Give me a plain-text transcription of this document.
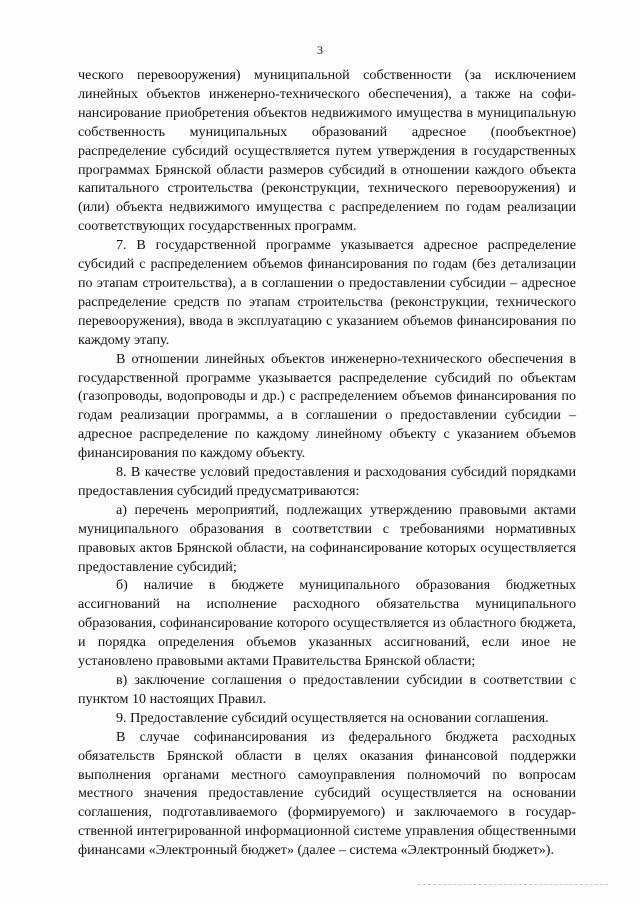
3

ческого перевооружения) муниципальной собственности (за исключением линейных объектов инженерно-технического обеспечения), а также на софинансирование приобретения объектов недвижимого имущества в муниципальную собственность муниципальных образований адресное (пообъектное) распределение субсидий осуществляется путем утверждения в государственных программах Брянской области размеров субсидий в отношении каждого объекта капитального строительства (реконструкции, технического перевооружения) и (или) объекта недвижимого имущества с распределением по годам реализации соответствующих государственных программ.

7. В государственной программе указывается адресное распределение субсидий с распределением объемов финансирования по годам (без детализации по этапам строительства), а в соглашении о предоставлении субсидии – адресное распределение средств по этапам строительства (реконструкции, технического перевооружения), ввода в эксплуатацию с указанием объемов финансирования по каждому этапу.

В отношении линейных объектов инженерно-технического обеспечения в государственной программе указывается распределение субсидий по объектам (газопроводы, водопроводы и др.) с распределением объемов финансирования по годам реализации программы, а в соглашении о предоставлении субсидии – адресное распределение по каждому линейному объекту с указанием объемов финансирования по каждому объекту.

8. В качестве условий предоставления и расходования субсидий порядками предоставления субсидий предусматриваются:

а) перечень мероприятий, подлежащих утверждению правовыми актами муниципального образования в соответствии с требованиями нормативных правовых актов Брянской области, на софинансирование которых осуществляется предоставление субсидий;

б) наличие в бюджете муниципального образования бюджетных ассигнований на исполнение расходного обязательства муниципального образования, софинансирование которого осуществляется из областного бюджета, и порядка определения объемов указанных ассигнований, если иное не установлено правовыми актами Правительства Брянской области;

в) заключение соглашения о предоставлении субсидии в соответствии с пунктом 10 настоящих Правил.

9. Предоставление субсидий осуществляется на основании соглашения.

В случае софинансирования из федерального бюджета расходных обязательств Брянской области в целях оказания финансовой поддержки выполнения органами местного самоуправления полномочий по вопросам местного значения предоставление субсидий осуществляется на основании соглашения, подготавливаемого (формируемого) и заключаемого в государственной интегрированной информационной системе управления общественными финансами «Электронный бюджет» (далее – система «Электронный бюджет»).
